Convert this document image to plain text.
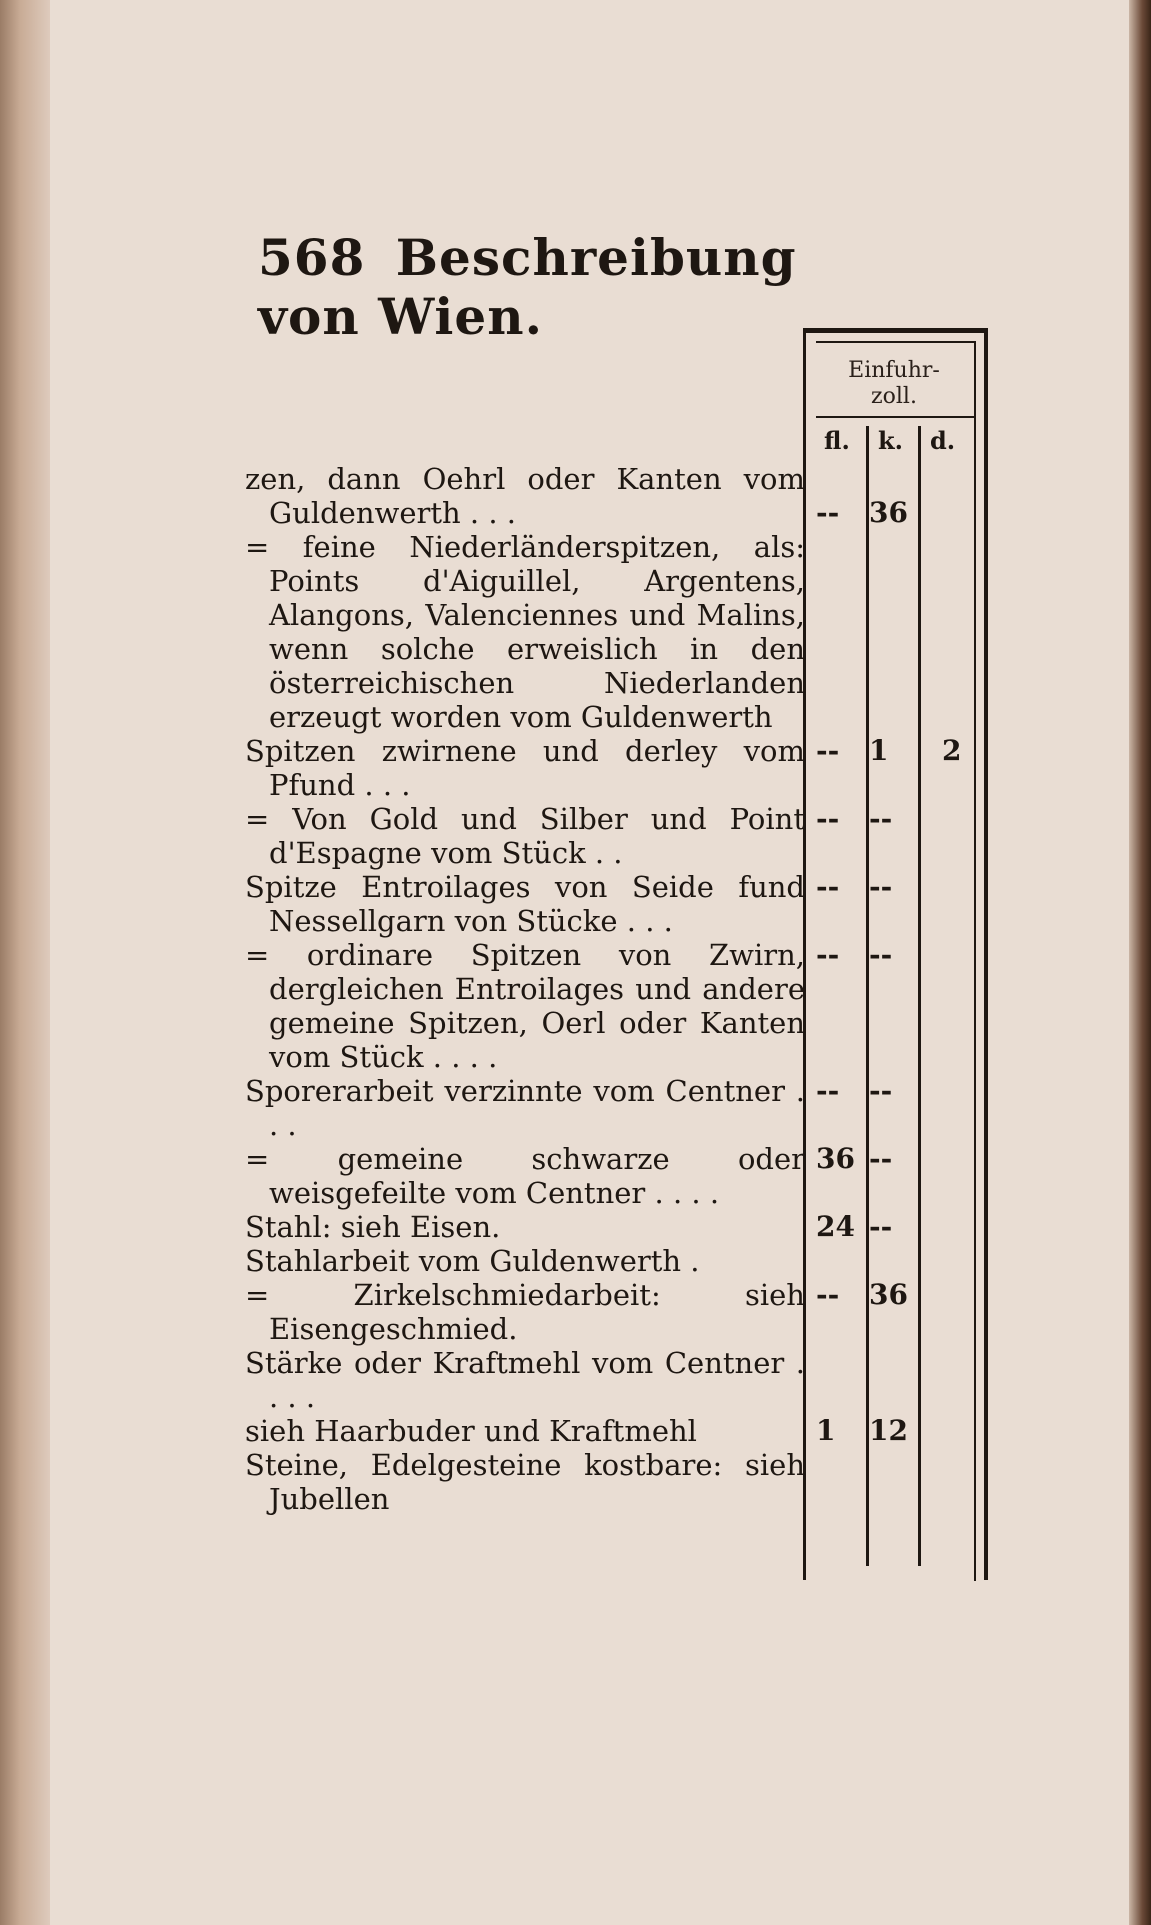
568 Beschreibung von Wien.
Einfuhr-
zoll.
fl. k. d.

zen, dann Oehrl oder Kanten vom Guldenwerth . . .

= feine Niederländerspitzen, als: Points d'Aiguillel, Argentens, Alangons, Valenciennes und Malins, wenn solche erweislich in den österreichischen Niederlanden erzeugt worden vom Guldenwerth

Spitzen zwirnene und derley vom Pfund . . .

= Von Gold und Silber und Point d'Espagne vom Stück . .

Spitze Entroilages von Seide fund Nessellgarn von Stücke . . .

= ordinare Spitzen von Zwirn, dergleichen Entroilages und andere gemeine Spitzen, Oerl oder Kanten vom Stück . . . .

Sporerarbeit verzinnte vom Centner . . .

= gemeine schwarze oder weisgefeilte vom Centner . . . .

Stahl: sieh Eisen.

Stahlarbeit vom Guldenwerth .

= Zirkelschmiedarbeit: sieh Eisengeschmied.

Stärke oder Kraftmehl vom Centner . . . .

sieh Haarbuder und Kraftmehl

Steine, Edelgesteine kostbare: sieh Jubellen

-- 36
-- 1 2
-- --
-- --
-- --
-- --
36 --
24 --
-- 36
1 12
